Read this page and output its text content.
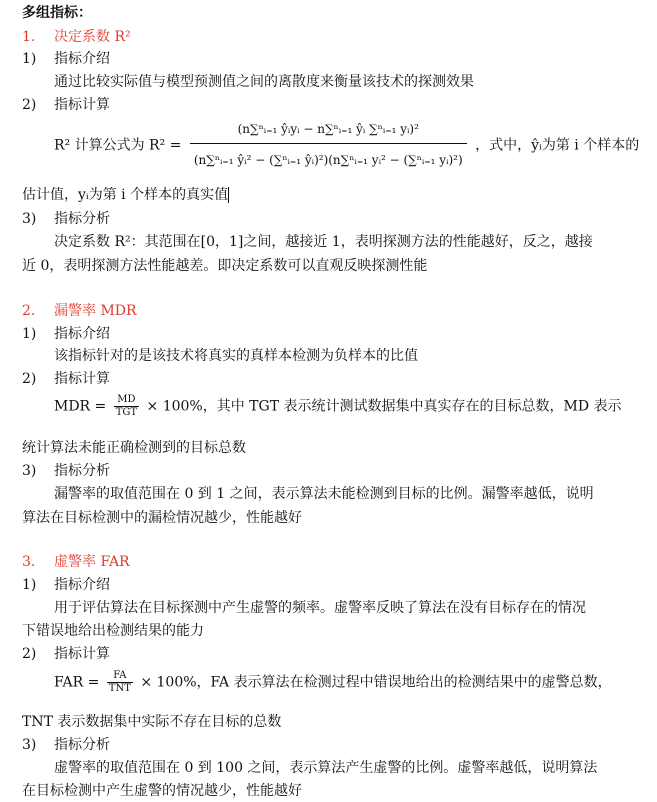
多组指标：
1. 决定系数 R²
1) 指标介绍
通过比较实际值与模型预测值之间的离散度来衡量该技术的探测效果
2) 指标计算
R² 计算公式为 R² =
(n∑ⁿᵢ₌₁ ŷᵢyᵢ − n∑ⁿᵢ₌₁ ŷᵢ ∑ⁿᵢ₌₁ yᵢ)²
(n∑ⁿᵢ₌₁ ŷᵢ² − (∑ⁿᵢ₌₁ ŷᵢ)²)(n∑ⁿᵢ₌₁ yᵢ² − (∑ⁿᵢ₌₁ yᵢ)²)
，式中，ŷᵢ为第 i 个样本的
估计值，yᵢ为第 i 个样本的真实值
3) 指标分析
决定系数 R²：其范围在[0，1]之间，越接近 1，表明探测方法的性能越好，反之，越接
近 0，表明探测方法性能越差。即决定系数可以直观反映探测性能
2. 漏警率 MDR
1) 指标介绍
该指标针对的是该技术将真实的真样本检测为负样本的比值
2) 指标计算
MDR = $\frac{MD}{\text{TGT}} \times 100\%$，其中 TGT 表示统计测试数据集中真实存在的目标总数，MD 表示
统计算法未能正确检测到的目标总数
3) 指标分析
漏警率的取值范围在 0 到 1 之间，表示算法未能检测到目标的比例。漏警率越低，说明
算法在目标检测中的漏检情况越少，性能越好
3. 虚警率 FAR
1) 指标介绍
用于评估算法在目标探测中产生虚警的频率。虚警率反映了算法在没有目标存在的情况
下错误地给出检测结果的能力
2) 指标计算
FAR = $\frac{FA}{\text{TNT}} \times 100\%$，FA 表示算法在检测过程中错误地给出的检测结果中的虚警总数，
TNT 表示数据集中实际不存在目标的总数
3) 指标分析
虚警率的取值范围在 0 到 100 之间，表示算法产生虚警的比例。虚警率越低，说明算法
在目标检测中产生虚警的情况越少，性能越好
